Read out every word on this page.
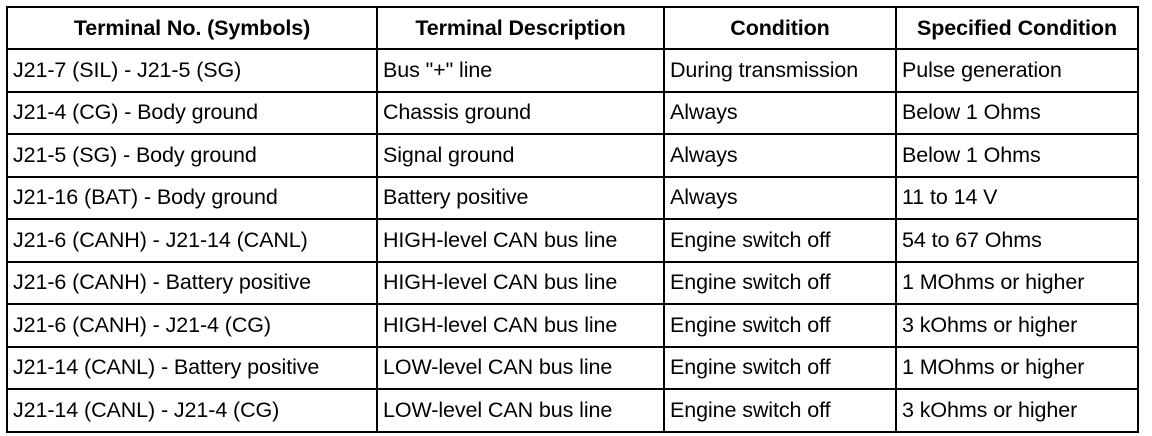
Terminal No. (Symbols)	Terminal Description	Condition	Specified Condition
J21-7 (SIL) - J21-5 (SG)	Bus "+" line	During transmission	Pulse generation
J21-4 (CG) - Body ground	Chassis ground	Always	Below 1 Ohms
J21-5 (SG) - Body ground	Signal ground	Always	Below 1 Ohms
J21-16 (BAT) - Body ground	Battery positive	Always	11 to 14 V
J21-6 (CANH) - J21-14 (CANL)	HIGH-level CAN bus line	Engine switch off	54 to 67 Ohms
J21-6 (CANH) - Battery positive	HIGH-level CAN bus line	Engine switch off	1 MOhms or higher
J21-6 (CANH) - J21-4 (CG)	HIGH-level CAN bus line	Engine switch off	3 kOhms or higher
J21-14 (CANL) - Battery positive	LOW-level CAN bus line	Engine switch off	1 MOhms or higher
J21-14 (CANL) - J21-4 (CG)	LOW-level CAN bus line	Engine switch off	3 kOhms or higher
